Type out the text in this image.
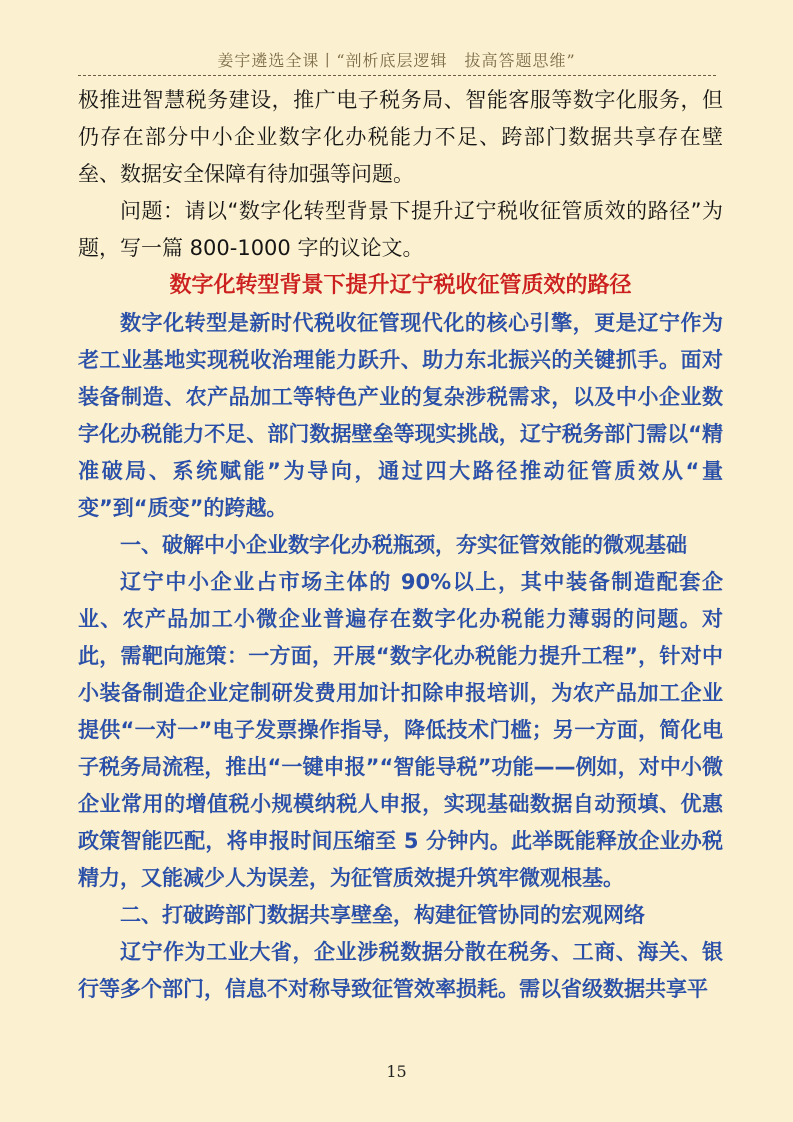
姜宇遴选全课丨“剖析底层逻辑　拔高答题思维”

极推进智慧税务建设，推广电子税务局、智能客服等数字化服务，但仍存在部分中小企业数字化办税能力不足、跨部门数据共享存在壁垒、数据安全保障有待加强等问题。

问题：请以“数字化转型背景下提升辽宁税收征管质效的路径”为题，写一篇 800-1000 字的议论文。

数字化转型背景下提升辽宁税收征管质效的路径

数字化转型是新时代税收征管现代化的核心引擎，更是辽宁作为老工业基地实现税收治理能力跃升、助力东北振兴的关键抓手。面对装备制造、农产品加工等特色产业的复杂涉税需求，以及中小企业数字化办税能力不足、部门数据壁垒等现实挑战，辽宁税务部门需以“精准破局、系统赋能”为导向，通过四大路径推动征管质效从“量变”到“质变”的跨越。

一、破解中小企业数字化办税瓶颈，夯实征管效能的微观基础

辽宁中小企业占市场主体的 90%以上，其中装备制造配套企业、农产品加工小微企业普遍存在数字化办税能力薄弱的问题。对此，需靶向施策：一方面，开展“数字化办税能力提升工程”，针对中小装备制造企业定制研发费用加计扣除申报培训，为农产品加工企业提供“一对一”电子发票操作指导，降低技术门槛；另一方面，简化电子税务局流程，推出“一键申报”“智能导税”功能——例如，对中小微企业常用的增值税小规模纳税人申报，实现基础数据自动预填、优惠政策智能匹配，将申报时间压缩至 5 分钟内。此举既能释放企业办税精力，又能减少人为误差，为征管质效提升筑牢微观根基。

二、打破跨部门数据共享壁垒，构建征管协同的宏观网络

辽宁作为工业大省，企业涉税数据分散在税务、工商、海关、银行等多个部门，信息不对称导致征管效率损耗。需以省级数据共享平

15
